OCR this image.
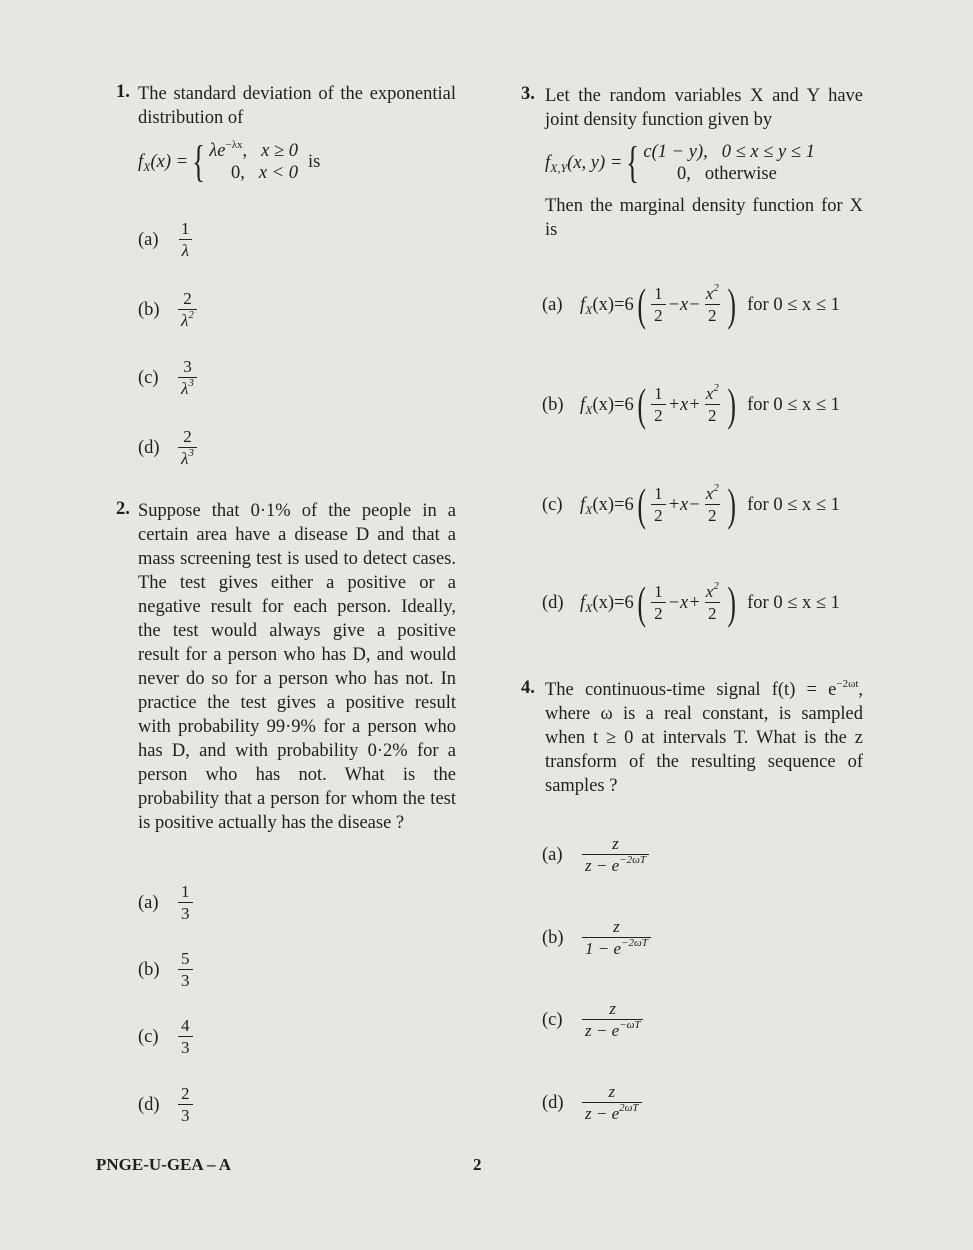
1. The standard deviation of the exponential distribution of
$f_X$ (x) = { $\lambda e^{-\lambda x}$, x ≥ 0
0, x < 0
is
(a)	$\frac{1}{\lambda}$
(b)	$\frac{2}{\lambda^2}$
(c)	$\frac{3}{\lambda^3}$
(d)	$\frac{2}{\lambda^3}$
2. Suppose that 0·1% of the people in a certain area have a disease D and that a mass screening test is used to detect cases. The test gives either a positive or a negative result for each person. Ideally, the test would always give a positive result for a person who has D, and would never do so for a person who has not. In practice the test gives a positive result with probability 99·9% for a person who has D, and with probability 0·2% for a person who has not. What is the probability that a person for whom the test is positive actually has the disease ?
(a)	$\frac{1}{3}$
(b)	$\frac{5}{3}$
(c)	$\frac{4}{3}$
(d)	$\frac{2}{3}$
3. Let the random variables X and Y have joint density function given by
$f_{X,Y}$ (x, y) = { c(1 − y), 0 ≤ x ≤ y ≤ 1
0, otherwise
Then the marginal density function for X is
(a) $f_X$ (x)=6 ( $\frac{1}{2} -x- \frac{x^2}{2}$ ) for 0 ≤ x ≤ 1
(b) $f_X$ (x)=6 ( $\frac{1}{2} +x+ \frac{x^2}{2}$ ) for 0 ≤ x ≤ 1
(c) $f_X$ (x)=6 ( $\frac{1}{2} +x- \frac{x^2}{2}$ ) for 0 ≤ x ≤ 1
(d) $f_X$ (x)=6 ( $\frac{1}{2} -x+ \frac{x^2}{2}$ ) for 0 ≤ x ≤ 1
4. The continuous-time signal $f(t) = e^{-2\omega t}$, where ω is a real constant, is sampled when t ≥ 0 at intervals T. What is the z transform of the resulting sequence of samples ?
(a)	$\frac{z}{z - e^{-2\omega T}}$
(b)	$\frac{z}{1 - e^{-2\omega T}}$
(c)	$\frac{z}{z - e^{-\omega T}}$
(d)	$\frac{z}{z - e^{2\omega T}}$
PNGE-U-GEA – A	2
